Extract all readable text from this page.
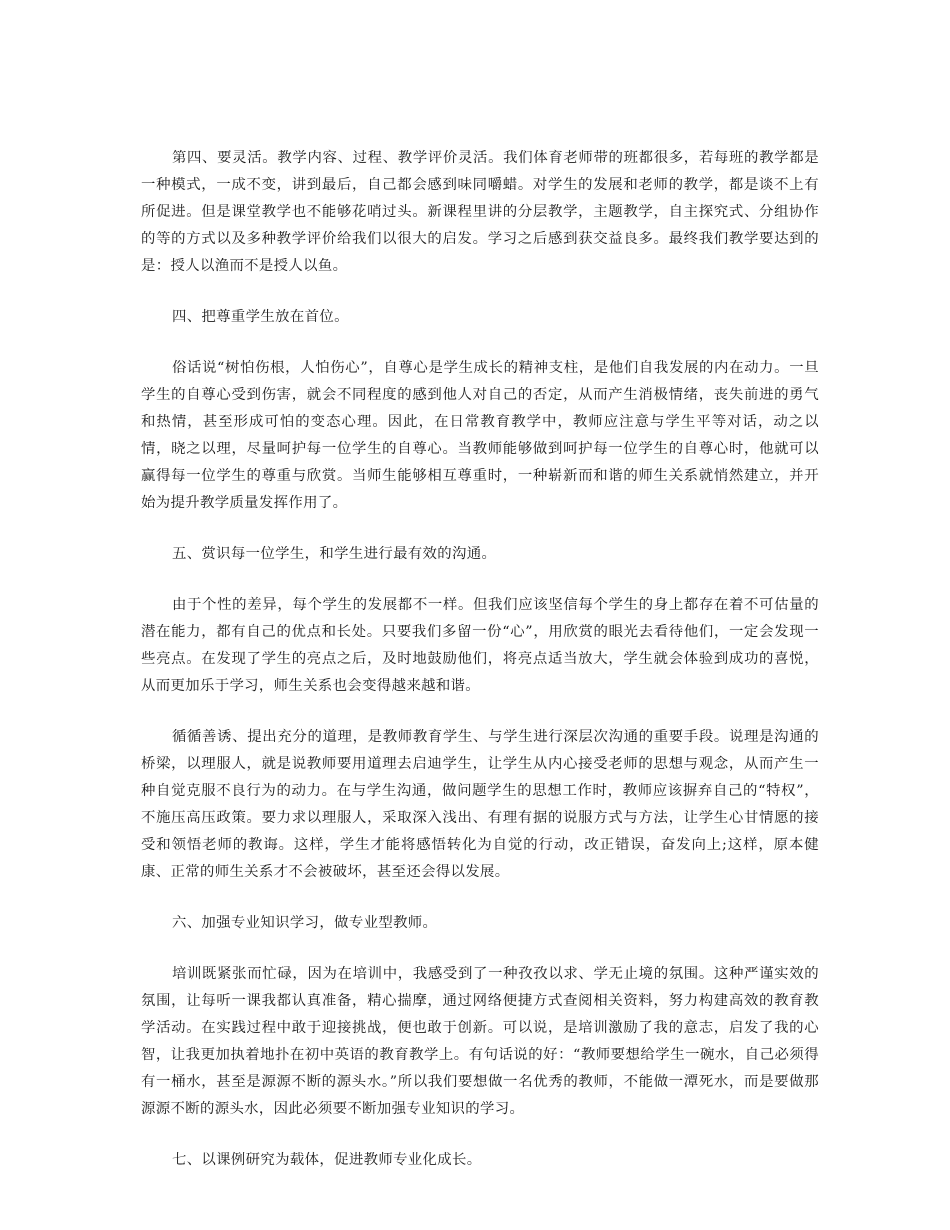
第四、要灵活。教学内容、过程、教学评价灵活。我们体育老师带的班都很多，若每班的教学都是一种模式，一成不变，讲到最后，自己都会感到味同嚼蜡。对学生的发展和老师的教学，都是谈不上有所促进。但是课堂教学也不能够花哨过头。新课程里讲的分层教学，主题教学，自主探究式、分组协作的等的方式以及多种教学评价给我们以很大的启发。学习之后感到获交益良多。最终我们教学要达到的是：授人以渔而不是授人以鱼。

四、把尊重学生放在首位。

俗话说“树怕伤根，人怕伤心”，自尊心是学生成长的精神支柱，是他们自我发展的内在动力。一旦学生的自尊心受到伤害，就会不同程度的感到他人对自己的否定，从而产生消极情绪，丧失前进的勇气和热情，甚至形成可怕的变态心理。因此，在日常教育教学中，教师应注意与学生平等对话，动之以情，晓之以理，尽量呵护每一位学生的自尊心。当教师能够做到呵护每一位学生的自尊心时，他就可以赢得每一位学生的尊重与欣赏。当师生能够相互尊重时，一种崭新而和谐的师生关系就悄然建立，并开始为提升教学质量发挥作用了。

五、赏识每一位学生，和学生进行最有效的沟通。

由于个性的差异，每个学生的发展都不一样。但我们应该坚信每个学生的身上都存在着不可估量的潜在能力，都有自己的优点和长处。只要我们多留一份“心”，用欣赏的眼光去看待他们，一定会发现一些亮点。在发现了学生的亮点之后，及时地鼓励他们，将亮点适当放大，学生就会体验到成功的喜悦，从而更加乐于学习，师生关系也会变得越来越和谐。

循循善诱、提出充分的道理，是教师教育学生、与学生进行深层次沟通的重要手段。说理是沟通的桥梁，以理服人，就是说教师要用道理去启迪学生，让学生从内心接受老师的思想与观念，从而产生一种自觉克服不良行为的动力。在与学生沟通，做问题学生的思想工作时，教师应该摒弃自己的“特权”，不施压高压政策。要力求以理服人，采取深入浅出、有理有据的说服方式与方法，让学生心甘情愿的接受和领悟老师的教诲。这样，学生才能将感悟转化为自觉的行动，改正错误，奋发向上;这样，原本健康、正常的师生关系才不会被破坏，甚至还会得以发展。

六、加强专业知识学习，做专业型教师。

培训既紧张而忙碌，因为在培训中，我感受到了一种孜孜以求、学无止境的氛围。这种严谨实效的氛围，让每听一课我都认真准备，精心揣摩，通过网络便捷方式查阅相关资料，努力构建高效的教育教学活动。在实践过程中敢于迎接挑战，便也敢于创新。可以说，是培训激励了我的意志，启发了我的心智，让我更加执着地扑在初中英语的教育教学上。有句话说的好：“教师要想给学生一碗水，自己必须得有一桶水，甚至是源源不断的源头水。”所以我们要想做一名优秀的教师，不能做一潭死水，而是要做那源源不断的源头水，因此必须要不断加强专业知识的学习。

七、以课例研究为载体，促进教师专业化成长。
